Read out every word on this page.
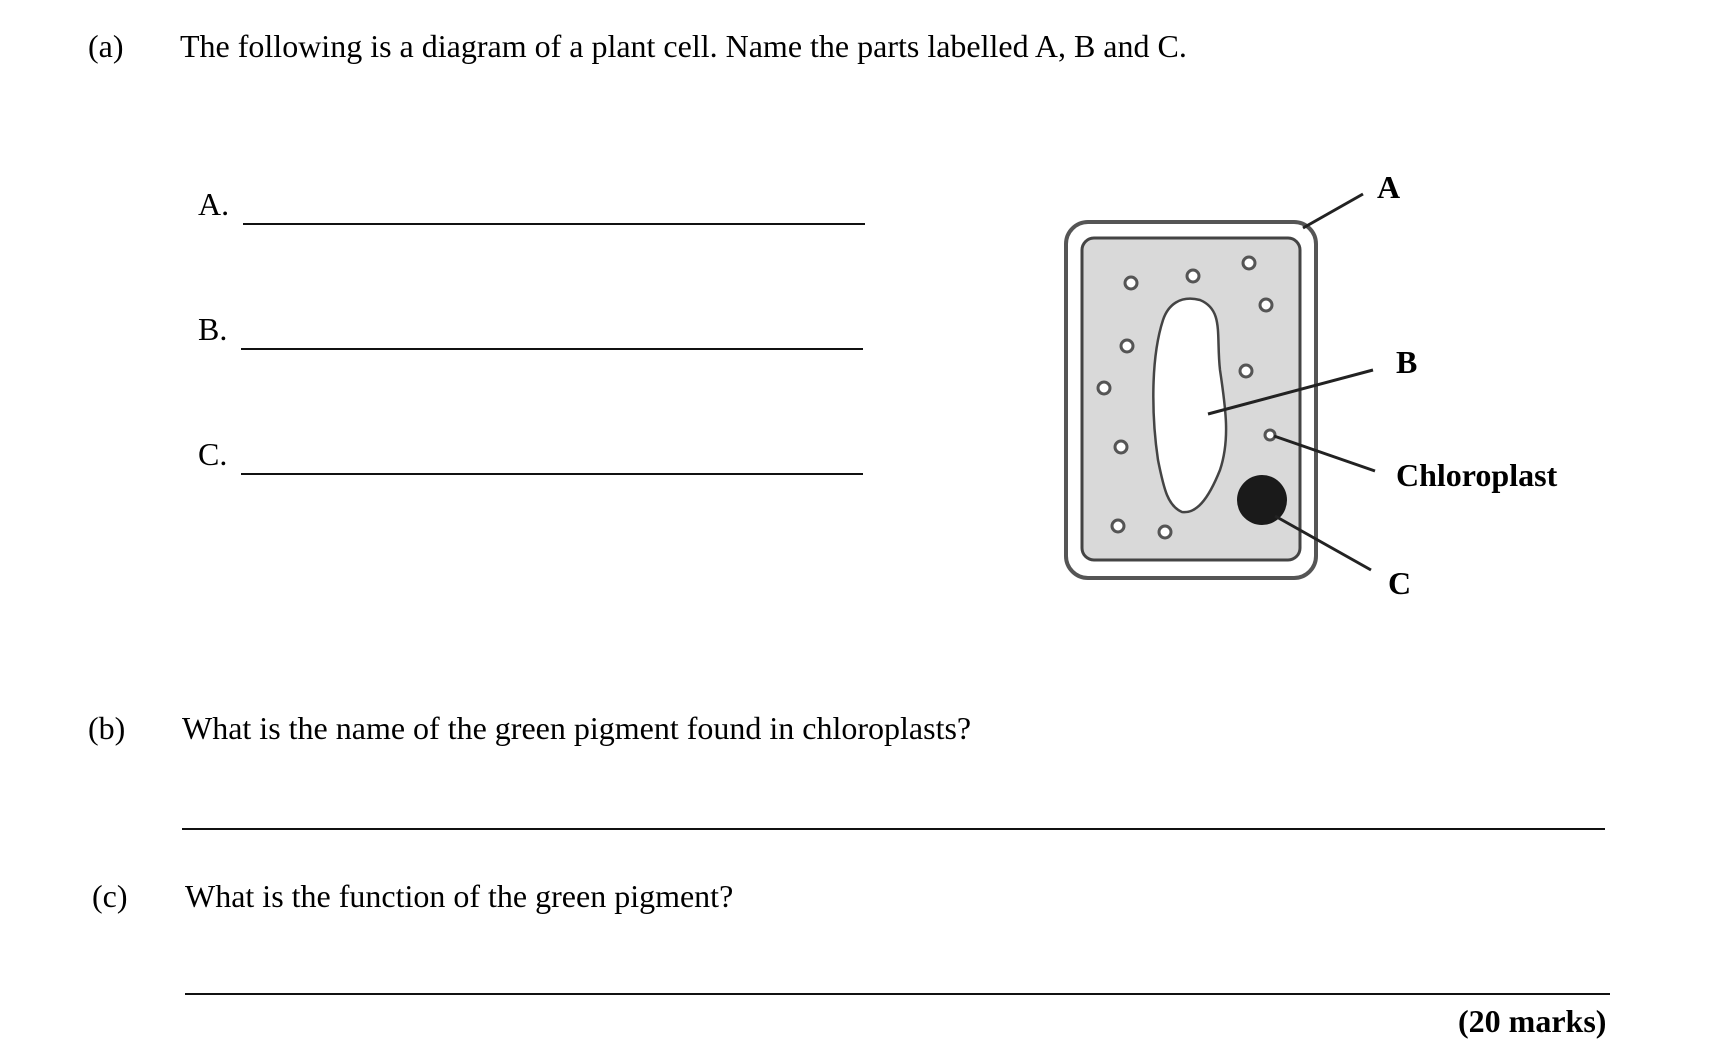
(a) The following is a diagram of a plant cell. Name the parts labelled A, B and C.
A.
B.
C.
A
B
Chloroplast
C
(b) What is the name of the green pigment found in chloroplasts?
(c) What is the function of the green pigment?
(20 marks)
